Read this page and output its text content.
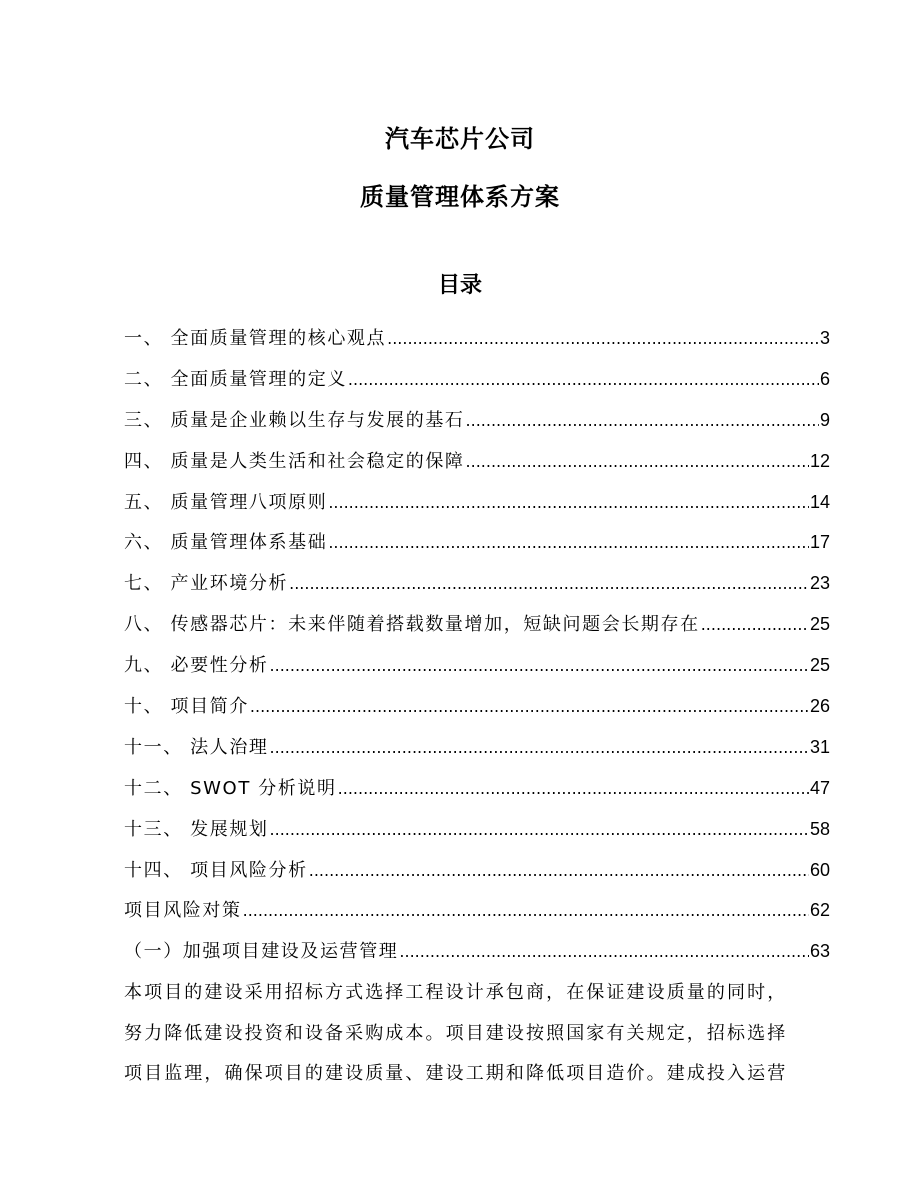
汽车芯片公司
质量管理体系方案
目录
一、 全面质量管理的核心观点 .....	3
二、 全面质量管理的定义 .....	6
三、 质量是企业赖以生存与发展的基石 .....	9
四、 质量是人类生活和社会稳定的保障 .....	12
五、 质量管理八项原则 .....	14
六、 质量管理体系基础 .....	17
七、 产业环境分析 .....	23
八、 传感器芯片：未来伴随着搭载数量增加，短缺问题会长期存在 .....	25
九、 必要性分析 .....	25
十、 项目简介 .....	26
十一、 法人治理 .....	31
十二、 SWOT 分析说明 .....	47
十三、 发展规划 .....	58
十四、 项目风险分析 .....	60
项目风险对策 .....	62
（一）加强项目建设及运营管理 .....	63
本项目的建设采用招标方式选择工程设计承包商，在保证建设质量的同时，
努力降低建设投资和设备采购成本。项目建设按照国家有关规定，招标选择
项目监理，确保项目的建设质量、建设工期和降低项目造价。建成投入运营
